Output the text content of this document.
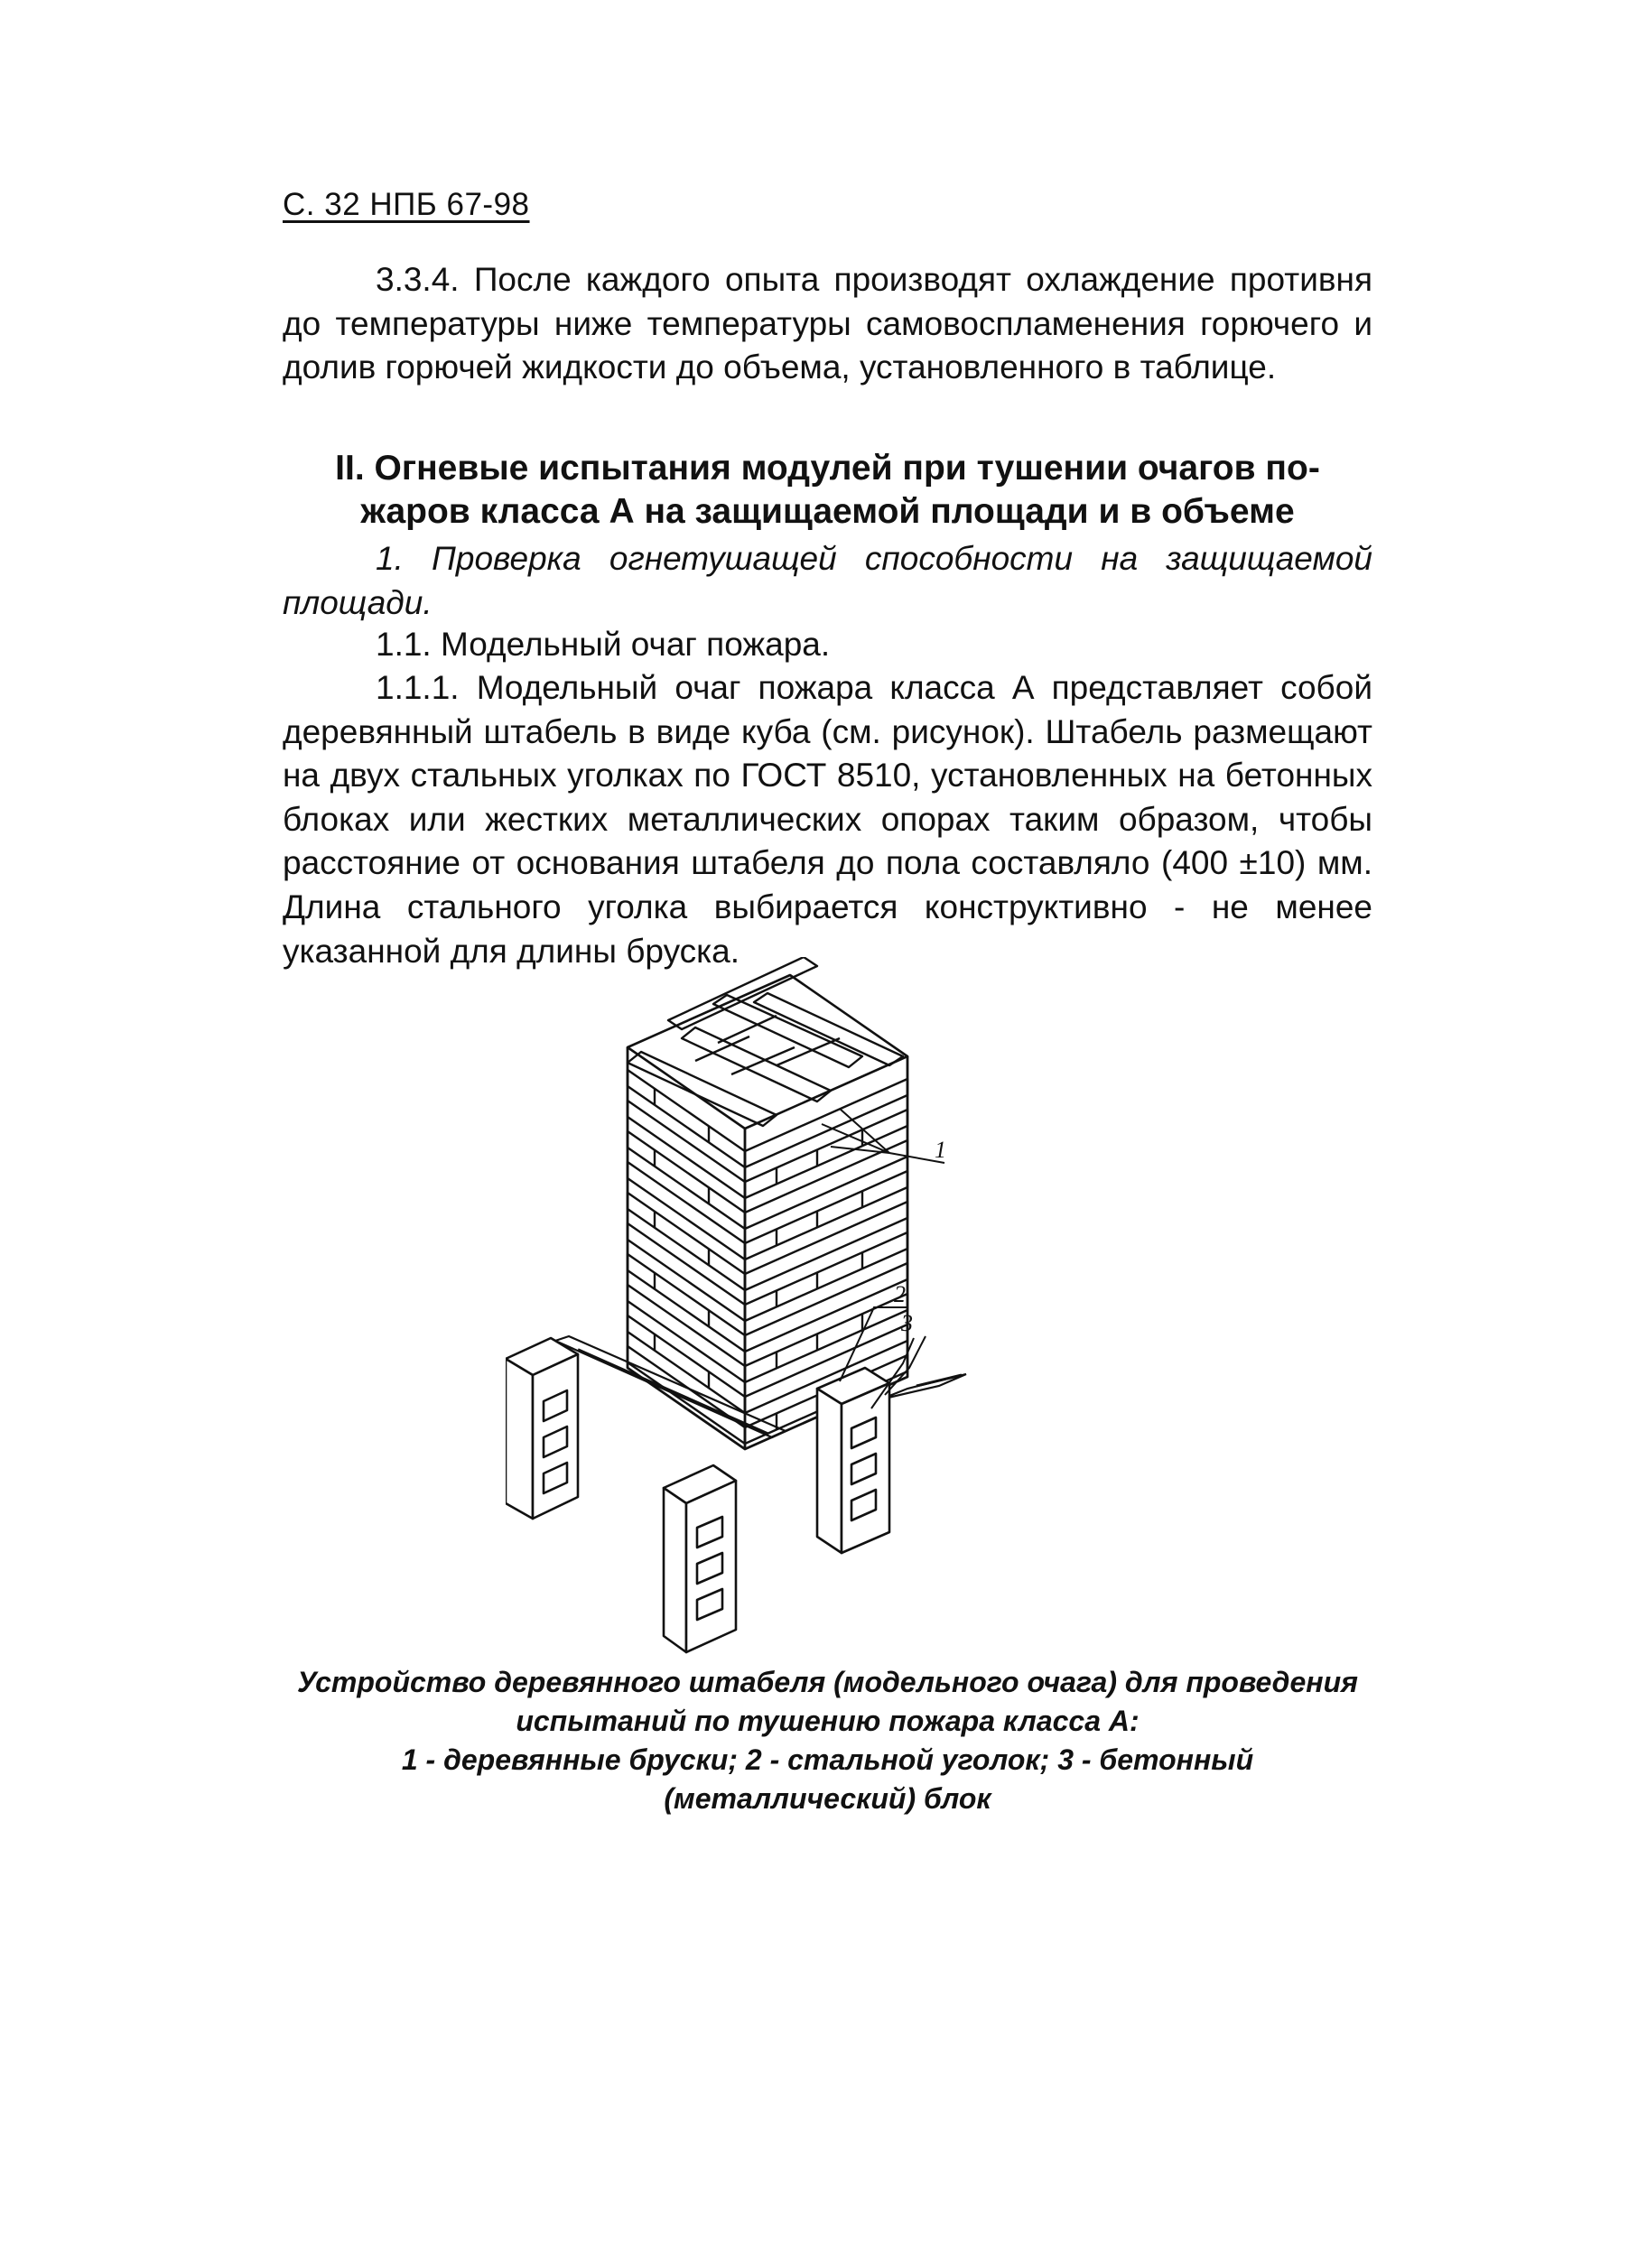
С. 32 НПБ 67-98
3.3.4. После каждого опыта производят охлаждение противня до температуры ниже температуры самовоспламенения горючего и долив горючей жидкости до объема, установленного в таблице.
II. Огневые испытания модулей при тушении очагов по-
жаров класса А на защищаемой площади и в объеме
1. Проверка огнетушащей способности на защищаемой площади.
1.1. Модельный очаг пожара.
1.1.1. Модельный очаг пожара класса А представляет собой деревянный штабель в виде куба (см. рисунок). Штабель размещают на двух стальных уголках по ГОСТ 8510, установленных на бетонных блоках или жестких металлических опорах таким образом, чтобы расстояние от основания штабеля до пола составляло (400 ±10) мм. Длина стального уголка выбирается конструктивно - не менее указанной для длины бруска.
1
2
3
Устройство деревянного штабеля (модельного очага) для проведения
испытаний по тушению пожара класса А:
1 - деревянные бруски; 2 - стальной уголок; 3 - бетонный
(металлический) блок
